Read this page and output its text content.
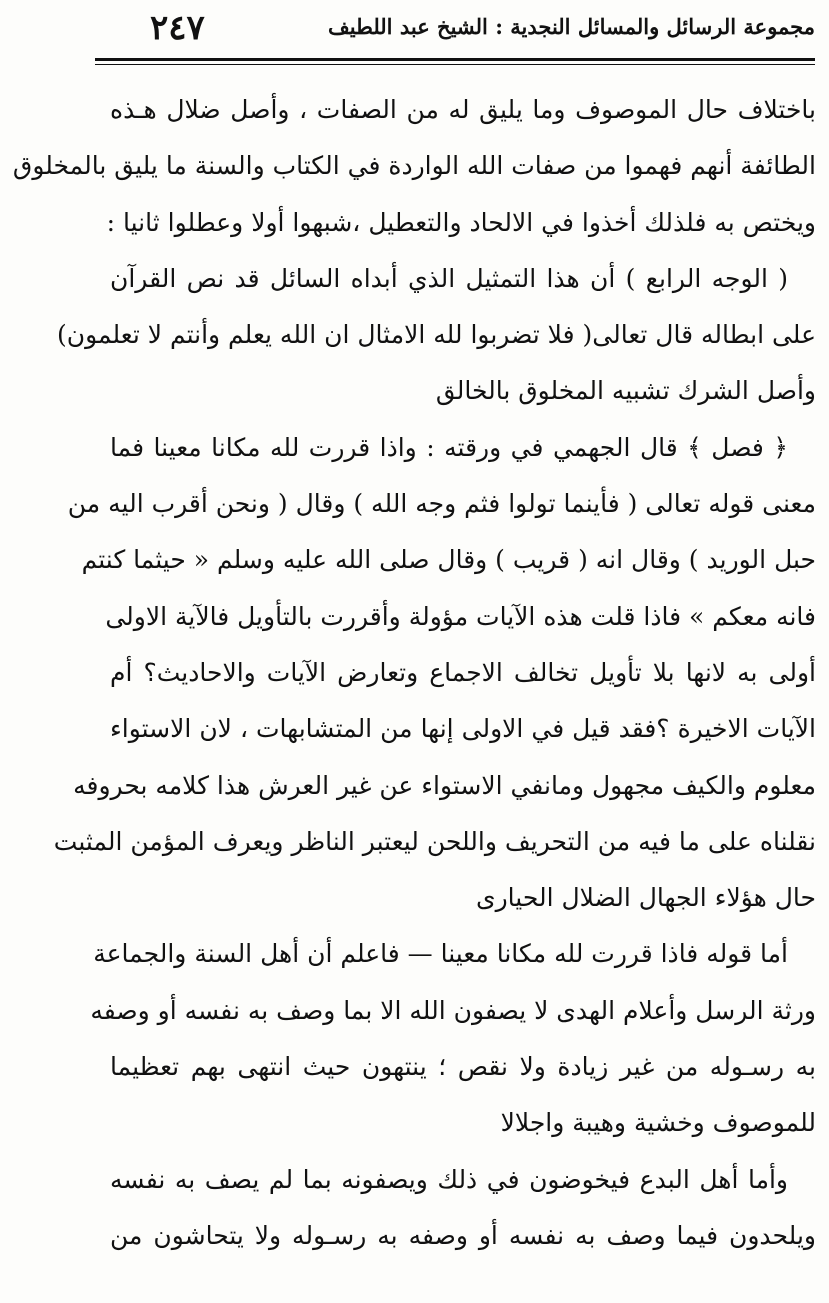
مجموعة الرسائل والمسائل النجدية : الشيخ عبد اللطيف
٢٤٧
باختلاف حال الموصوف وما يليق له من الصفات ، وأصل ضلال هـذه
الطائفة أنهم فهموا من صفات الله الواردة في الكتاب والسنة ما يليق بالمخلوق
ويختص به فلذلك أخذوا في الالحاد والتعطيل ،شبهوا أولا وعطلوا ثانيا :
( الوجه الرابع ) أن هذا التمثيل الذي أبداه السائل قد نص القرآن
على ابطاله قال تعالى( فلا تضربوا لله الامثال ان الله يعلم وأنتم لا تعلمون)
وأصل الشرك تشبيه المخلوق بالخالق
﴿ فصل ﴾ قال الجهمي في ورقته : واذا قررت لله مكانا معينا فما
معنى قوله تعالى ( فأينما تولوا فثم وجه الله ) وقال ( ونحن أقرب اليه من
حبل الوريد ) وقال انه ( قريب ) وقال صلى الله عليه وسلم « حيثما كنتم
فانه معكم » فاذا قلت هذه الآيات مؤولة وأقررت بالتأويل فالآية الاولى
أولى به لانها بلا تأويل تخالف الاجماع وتعارض الآيات والاحاديث؟ أم
الآيات الاخيرة ؟فقد قيل في الاولى إنها من المتشابهات ، لان الاستواء
معلوم والكيف مجهول ومانفي الاستواء عن غير العرش هذا كلامه بحروفه
نقلناه على ما فيه من التحريف واللحن ليعتبر الناظر ويعرف المؤمن المثبت
حال هؤلاء الجهال الضلال الحيارى
أما قوله فاذا قررت لله مكانا معينا — فاعلم أن أهل السنة والجماعة
ورثة الرسل وأعلام الهدى لا يصفون الله الا بما وصف به نفسه أو وصفه
به رسـوله من غير زيادة ولا نقص ؛ ينتهون حيث انتهى بهم تعظيما
للموصوف وخشية وهيبة واجلالا
وأما أهل البدع فيخوضون في ذلك ويصفونه بما لم يصف به نفسه
ويلحدون فيما وصف به نفسه أو وصفه به رسـوله ولا يتحاشون من
